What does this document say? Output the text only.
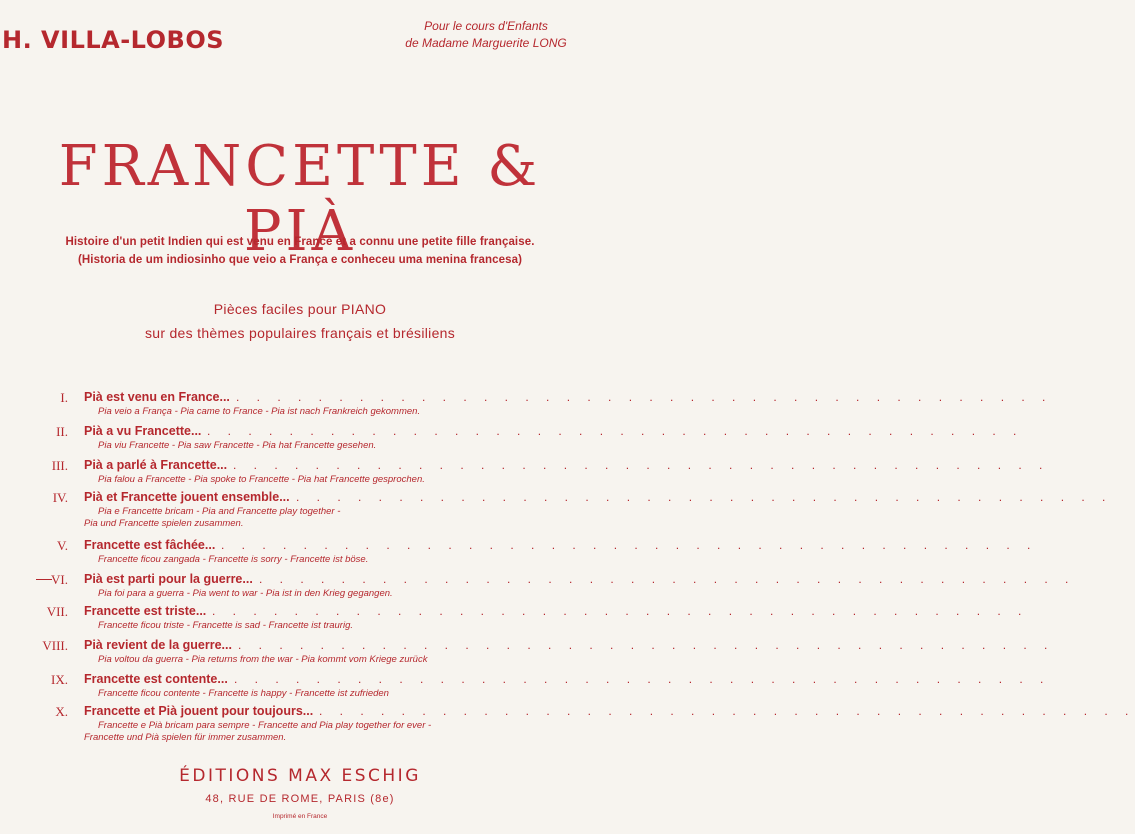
H. VILLA-LOBOS	Pour le cours d'Enfants
de Madame Marguerite LONG
FRANCETTE & PIÀ
Histoire d'un petit Indien qui est venu en France et a connu une petite fille française.
(Historia de um indiosinho que veio a França e conheceu uma menina francesa)
Pièces faciles pour PIANO
sur des thèmes populaires français et brésiliens
I. Pià est venu en France... . . . . . . . . . . . . . . . . . . . . . . . . . . . . . . . . . . . . . . . .
Pia veio a França - Pia came to France - Pia ist nach Frankreich gekommen.
II. Pià a vu Francette... . . . . . . . . . . . . . . . . . . . . . . . . . . . . . . . . . . . . . . . .
Pia viu Francette - Pia saw Francette - Pia hat Francette gesehen.
III. Pià a parlé à Francette... . . . . . . . . . . . . . . . . . . . . . . . . . . . . . . . . . . . . . . . .
Pia falou a Francette - Pia spoke to Francette - Pia hat Francette gesprochen.
IV. Pià et Francette jouent ensemble... . . . . . . . . . . . . . . . . . . . . . . . . . . . . . . . . . . . . . . . .
Pia e Francette bricam - Pia and Francette play together -
Pia und Francette spielen zusammen.
V. Francette est fâchée... . . . . . . . . . . . . . . . . . . . . . . . . . . . . . . . . . . . . . . . .
Francette ficou zangada - Francette is sorry - Francette ist böse.
VI. Pià est parti pour la guerre... . . . . . . . . . . . . . . . . . . . . . . . . . . . . . . . . . . . . . . . .
Pia foi para a guerra - Pia went to war - Pia ist in den Krieg gegangen.
VII. Francette est triste... . . . . . . . . . . . . . . . . . . . . . . . . . . . . . . . . . . . . . . . .
Francette ficou triste - Francette is sad - Francette ist traurig.
VIII. Pià revient de la guerre... . . . . . . . . . . . . . . . . . . . . . . . . . . . . . . . . . . . . . . . .
Pia voltou da guerra - Pia returns from the war - Pia kommt vom Kriege zurück
IX. Francette est contente... . . . . . . . . . . . . . . . . . . . . . . . . . . . . . . . . . . . . . . . .
Francette ficou contente - Francette is happy - Francette ist zufrieden
X. Francette et Pià jouent pour toujours... . . . . . . . . . . . . . . . . . . . . . . . . . . . . . . . . . . . . . . . .
Francette e Pià bricam para sempre - Francette and Pia play together for ever -
Francette und Pià spielen für immer zusammen.
ÉDITIONS MAX ESCHIG
48, RUE DE ROME, PARIS (8e)
Imprimé en France
